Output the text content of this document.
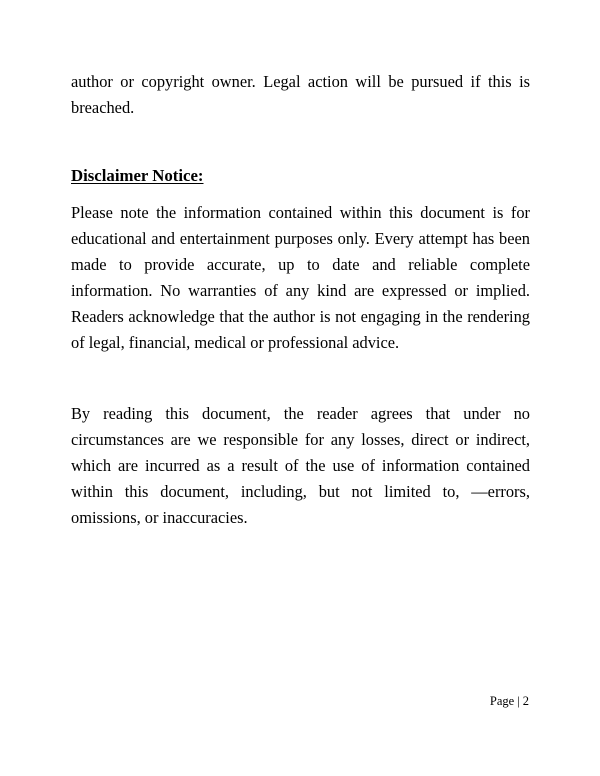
author or copyright owner. Legal action will be pursued if this is breached.

Disclaimer Notice:

Please note the information contained within this document is for educational and entertainment purposes only. Every attempt has been made to provide accurate, up to date and reliable complete information. No warranties of any kind are expressed or implied. Readers acknowledge that the author is not engaging in the rendering of legal, financial, medical or professional advice.

By reading this document, the reader agrees that under no circumstances are we responsible for any losses, direct or indirect, which are incurred as a result of the use of information contained within this document, including, but not limited to, —errors, omissions, or inaccuracies.

Page | 2
